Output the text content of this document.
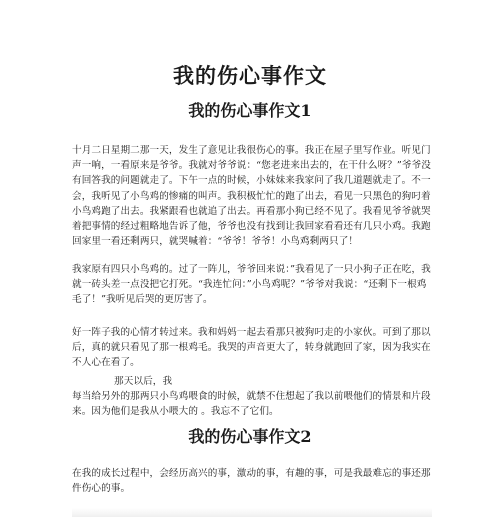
我的伤心事作文
我的伤心事作文1

十月二日星期二那一天，发生了意见让我很伤心的事。我正在屋子里写作业。听见门声一响，一看原来是爷爷。我就对爷爷说：“您老进来出去的，在干什么呀？”爷爷没有回答我的问题就走了。下午一点的时候，小妹妹来我家问了我几道题就走了。不一会，我听见了小鸟鸡的惨痛的叫声。我积极忙忙的跑了出去，看见一只黑色的狗叼着小鸟鸡跑了出去。我紧跟看也就追了出去。再看那小狗已经不见了。我看见爷爷就哭着把事情的经过粗略地告诉了他，爷爷也没有找到让我回家看看还有几只小鸡。我跑回家里一看还剩两只，就哭喊着：“爷爷！爷爷！小鸟鸡剩两只了！

我家原有四只小鸟鸡的。过了一阵儿，爷爷回来说：”我看见了一只小狗子正在吃，我就一砖头差一点没把它打死。“我连忙问：”小鸟鸡呢？”爷爷对我说：“还剩下一根鸡毛了！”我听见后哭的更厉害了。

好一阵子我的心情才转过来。我和妈妈一起去看那只被狗叼走的小家伙。可到了那以后，真的就只看见了那一根鸡毛。我哭的声音更大了，转身就跑回了家，因为我实在不人心在看了。

那天以后，我

每当给另外的那两只小鸟鸡喂食的时候，就禁不住想起了我以前喂他们的情景和片段来。因为他们是我从小喂大的 。我忘不了它们。

我的伤心事作文2

在我的成长过程中，会经历高兴的事，激动的事，有趣的事，可是我最难忘的事还那件伤心的事。
